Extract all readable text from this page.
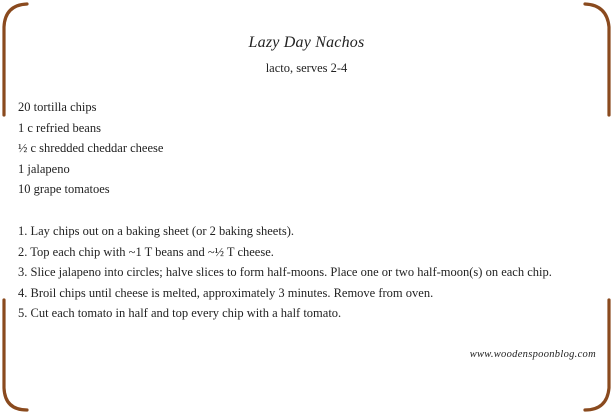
Lazy Day Nachos
lacto, serves 2-4
20 tortilla chips
1 c refried beans
½ c shredded cheddar cheese
1 jalapeno
10 grape tomatoes
1. Lay chips out on a baking sheet (or 2 baking sheets).
2. Top each chip with ~1 T beans and ~½ T cheese.
3. Slice jalapeno into circles; halve slices to form half-moons. Place one or two half-moon(s) on each chip.
4. Broil chips until cheese is melted, approximately 3 minutes. Remove from oven.
5. Cut each tomato in half and top every chip with a half tomato.
www.woodenspoonblog.com
